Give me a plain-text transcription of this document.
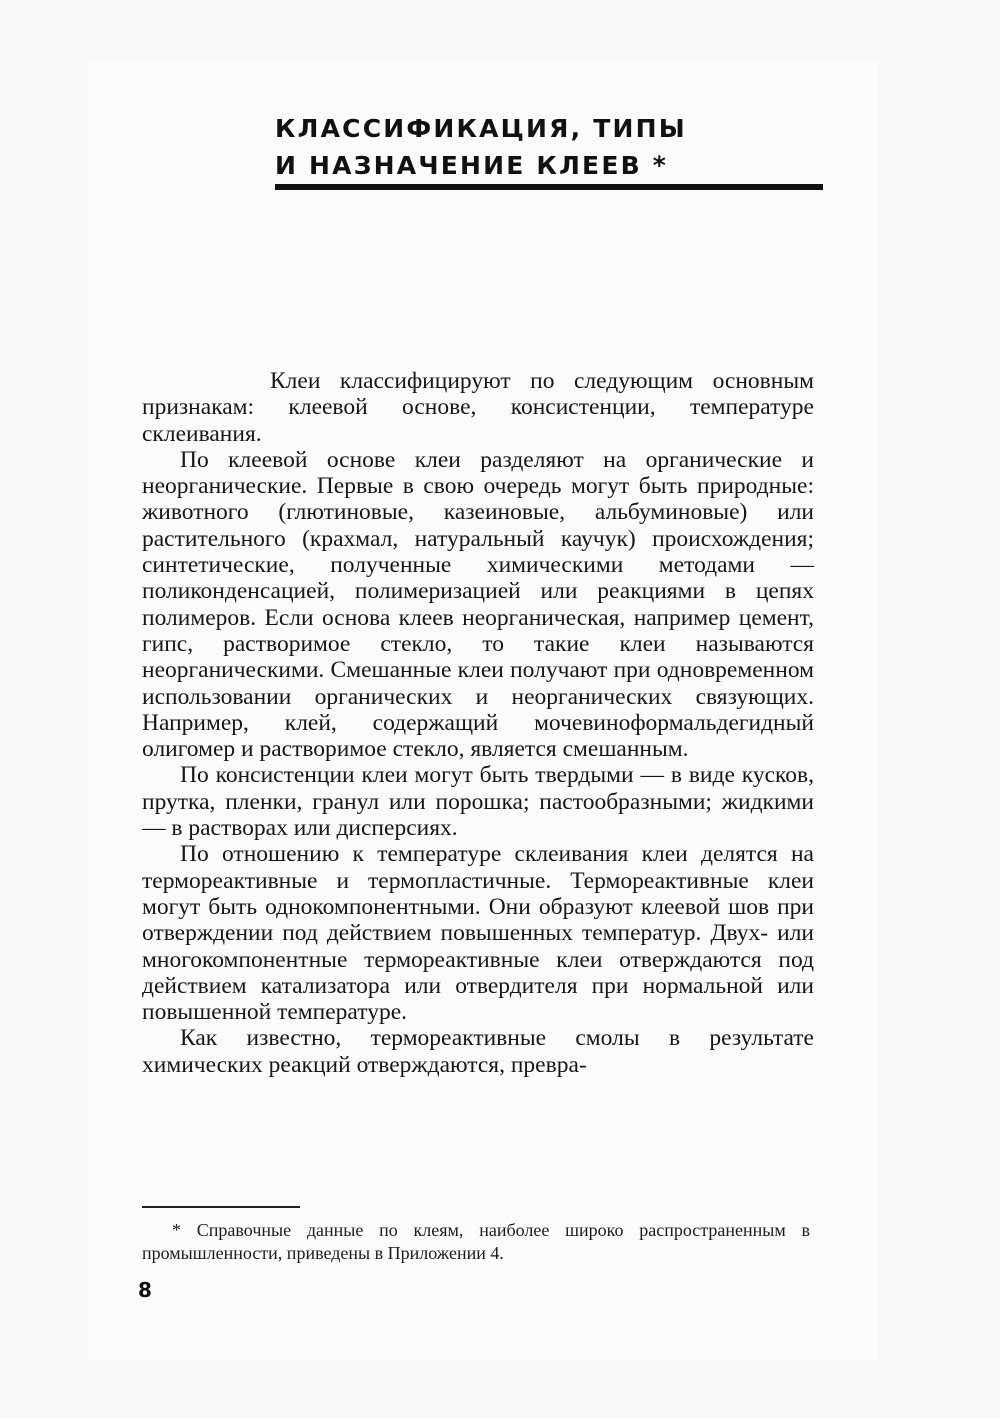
КЛАССИФИКАЦИЯ, ТИПЫ
И НАЗНАЧЕНИЕ КЛЕЕВ *

Клеи классифицируют по следующим основным признакам: клеевой основе, консистенции, температуре склеивания.

По клеевой основе клеи разделяют на органические и неорганические. Первые в свою очередь могут быть природные: животного (глютиновые, казеиновые, альбуминовые) или растительного (крахмал, натуральный каучук) происхождения; синтетические, полученные химическими методами — поликонденсацией, полимеризацией или реакциями в цепях полимеров. Если основа клеев неорганическая, например цемент, гипс, растворимое стекло, то такие клеи называются неорганическими. Смешанные клеи получают при одновременном использовании органических и неорганических связующих. Например, клей, содержащий мочевиноформальдегидный олигомер и растворимое стекло, является смешанным.

По консистенции клеи могут быть твердыми — в виде кусков, прутка, пленки, гранул или порошка; пастообразными; жидкими — в растворах или дисперсиях.

По отношению к температуре склеивания клеи делятся на термореактивные и термопластичные. Термореактивные клеи могут быть однокомпонентными. Они образуют клеевой шов при отверждении под действием повышенных температур. Двух- или многокомпонентные термореактивные клеи отверждаются под действием катализатора или отвердителя при нормальной или повышенной температуре.

Как известно, термореактивные смолы в результате химических реакций отверждаются, превра-

* Справочные данные по клеям, наиболее широко распространенным в промышленности, приведены в Приложении 4.
8
